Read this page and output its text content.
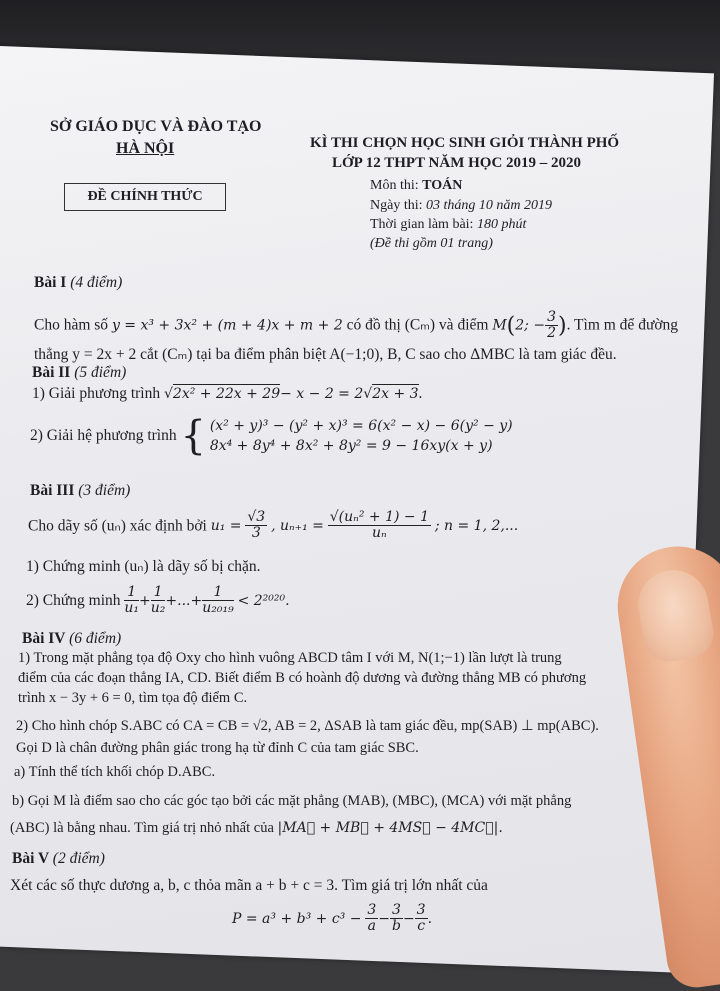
SỞ GIÁO DỤC VÀ ĐÀO TẠO
HÀ NỘI	KÌ THI CHỌN HỌC SINH GIỎI THÀNH PHỐ
LỚP 12 THPT NĂM HỌC 2019 – 2020
ĐỀ CHÍNH THỨC
Môn thi: TOÁN
Ngày thi: 03 tháng 10 năm 2019
Thời gian làm bài: 180 phút
(Đề thi gồm 01 trang)
Bài I (4 điểm)
Cho hàm số y = x³ + 3x² + (m + 4)x + m + 2 có đồ thị (Cₘ) và điểm M(2; − $\frac{3}{2}$ ). Tìm m để đường
thẳng y = 2x + 2 cắt (Cₘ) tại ba điểm phân biệt A(−1;0), B, C sao cho ΔMBC là tam giác đều.
Bài II (5 điểm)
1) Giải phương trình √2x² + 22x + 29− x − 2 = 2√2x + 3.
2) Giải hệ phương trình { (x² + y)³ − (y² + x)³ = 6(x² − x) − 6(y² − y)
8x⁴ + 8y⁴ + 8x² + 8y² = 9 − 16xy(x + y)
Bài III (3 điểm)
Cho dãy số (uₙ) xác định bởi $u_1 = \frac{√3}{3}$ , $u_{n+1} = \frac{\text{√(uₙ² + 1) − 1}}{\text{uₙ}}$ ; n = 1, 2,...
1) Chứng minh (uₙ) là dãy số bị chặn.
2) Chứng minh $\frac{1}{\text{u₁}} + \frac{1}{\text{u₂}}$ +...+ $\frac{1}{\text{u₂₀₁₉}} < 2^{2020}$.
Bài IV (6 điểm)
1) Trong mặt phẳng tọa độ Oxy cho hình vuông ABCD tâm I với M, N(1;−1) lần lượt là trung
điểm của các đoạn thẳng IA, CD. Biết điểm B có hoành độ dương và đường thẳng MB có phương
trình x − 3y + 6 = 0, tìm tọa độ điểm C.
2) Cho hình chóp S.ABC có CA = CB = √2, AB = 2, ΔSAB là tam giác đều, mp(SAB) ⊥ mp(ABC).
Gọi D là chân đường phân giác trong hạ từ đỉnh C của tam giác SBC.
a) Tính thể tích khối chóp D.ABC.
b) Gọi M là điểm sao cho các góc tạo bởi các mặt phẳng (MAB), (MBC), (MCA) với mặt phẳng
(ABC) là bằng nhau. Tìm giá trị nhỏ nhất của |MA⃗ + MB⃗ + 4MS⃗ − 4MC⃗|.
Bài V (2 điểm)
Xét các số thực dương a, b, c thỏa mãn a + b + c = 3. Tìm giá trị lớn nhất của
$P = a^3 + b^3 + c^3 - \frac{3}{a} - \frac{3}{b} - \frac{3}{c}$ .
